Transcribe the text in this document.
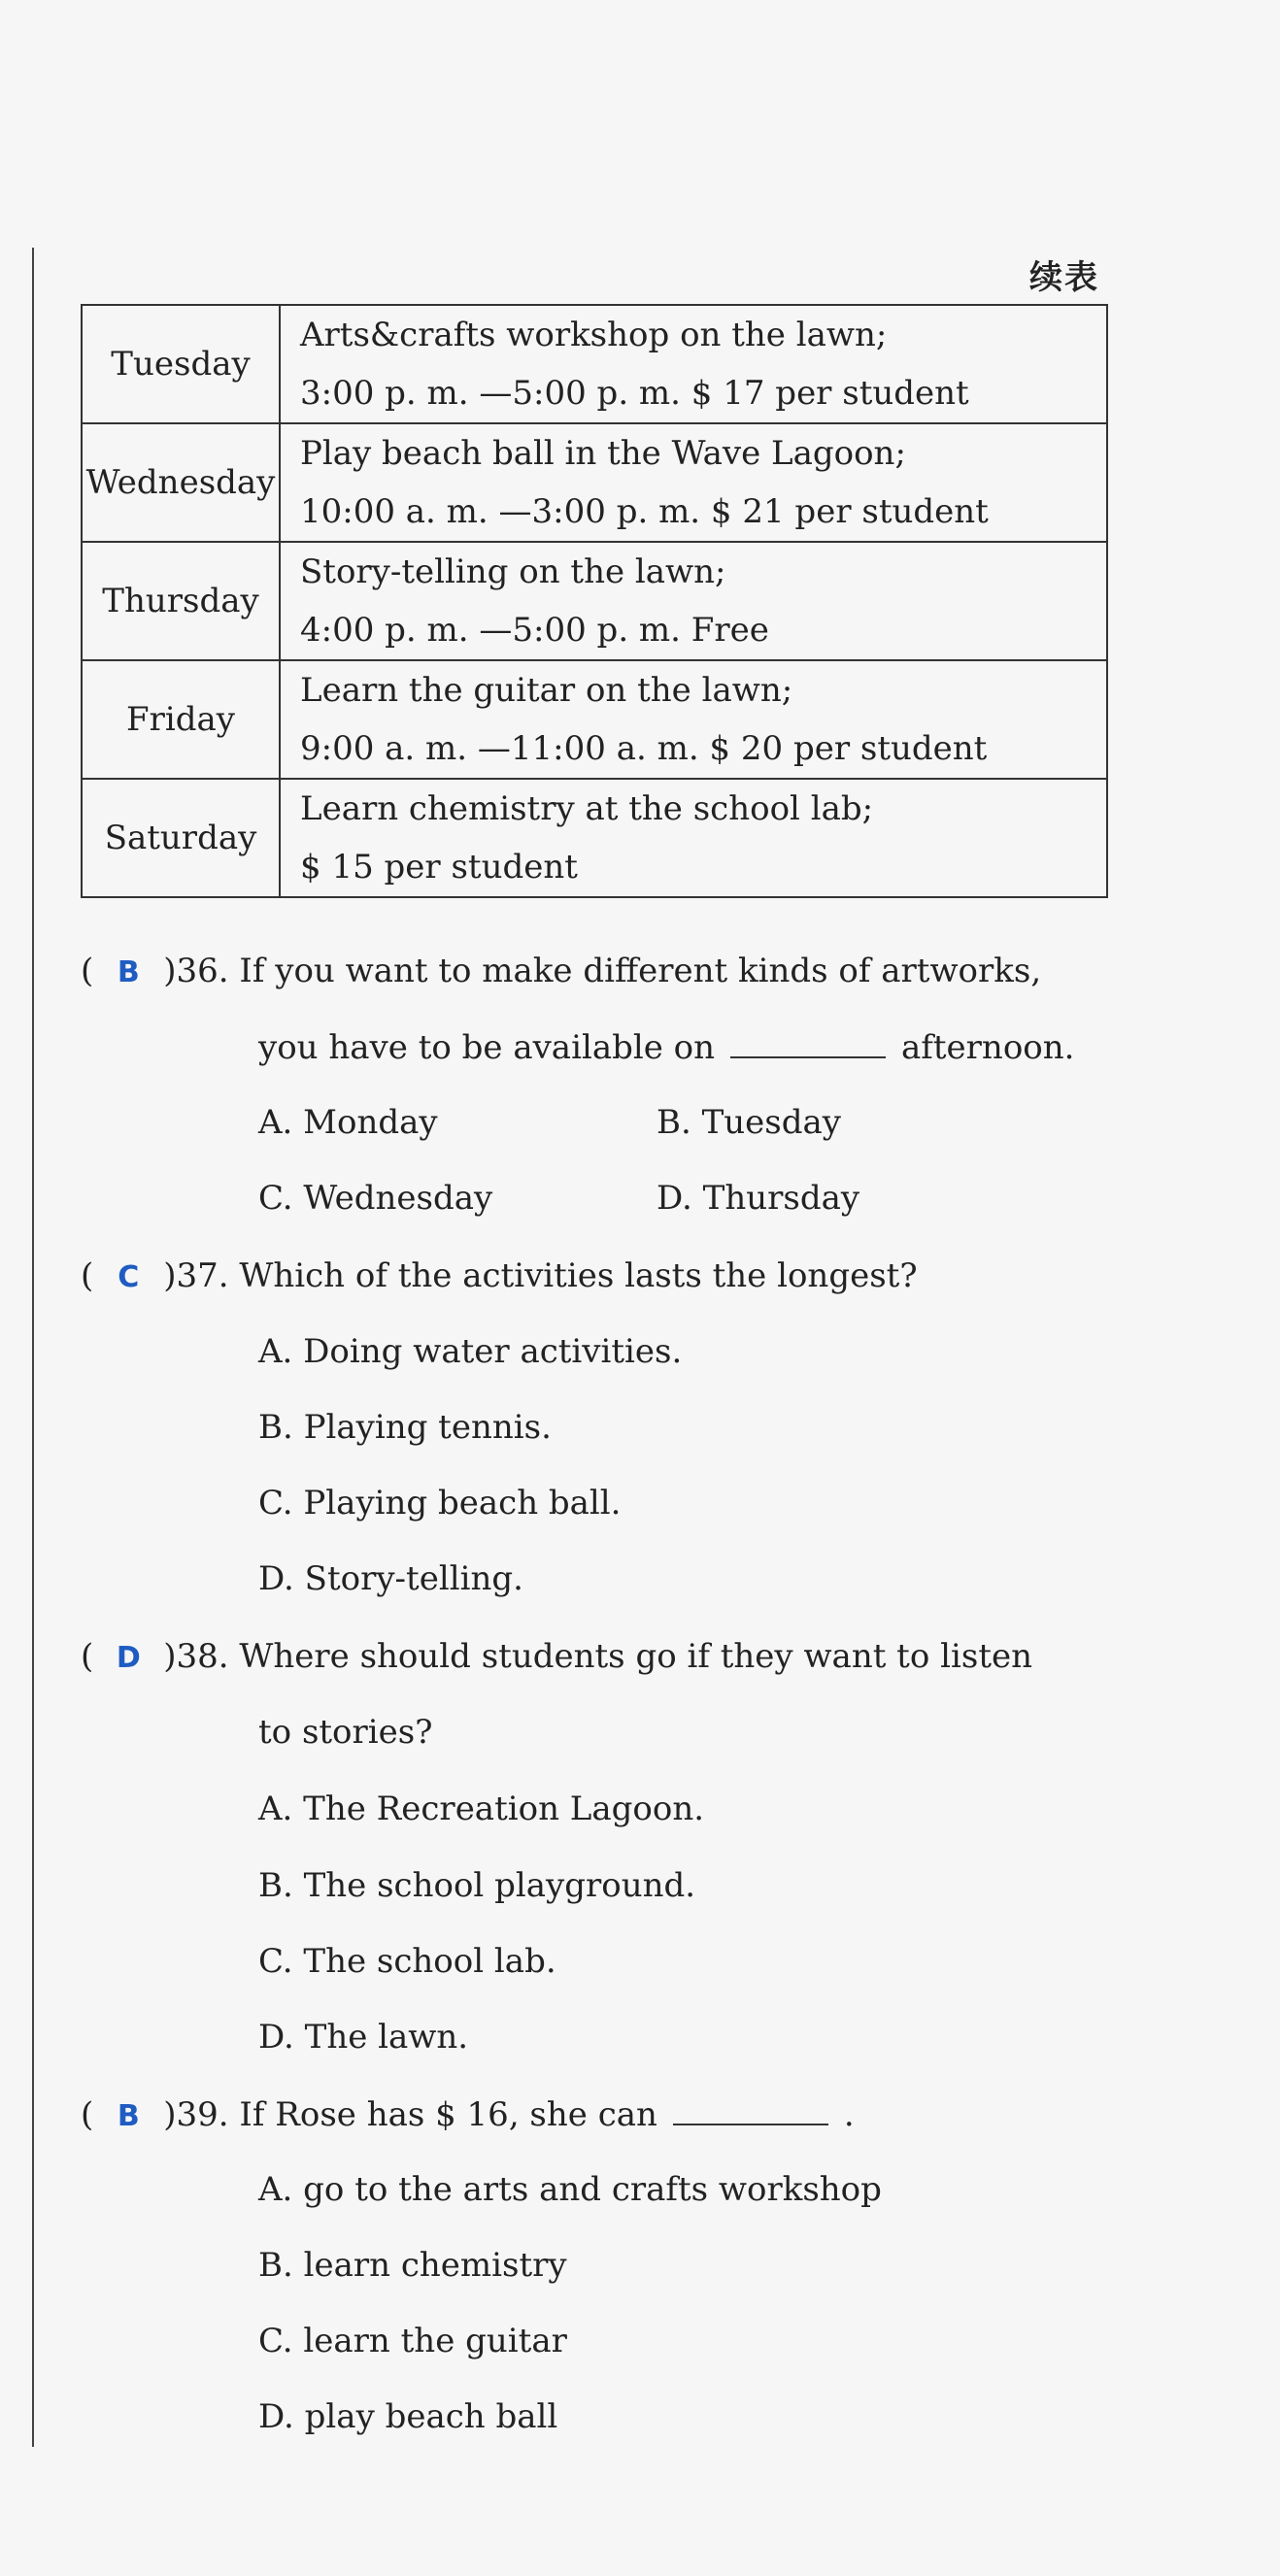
续表
Tuesday	Arts&crafts workshop on the lawn;
3:00 p. m. —5:00 p. m. $ 17 per student

Wednesday	Play beach ball in the Wave Lagoon;
10:00 a. m. —3:00 p. m. $ 21 per student

Thursday	Story-telling on the lawn;
4:00 p. m. —5:00 p. m. Free

Friday	Learn the guitar on the lawn;
9:00 a. m. —11:00 a. m. $ 20 per student

Saturday	Learn chemistry at the school lab;
$ 15 per student
( B )36. If you want to make different kinds of artworks,
you have to be available on	afternoon.
A. Monday	B. Tuesday
C. Wednesday	D. Thursday
( C )37. Which of the activities lasts the longest?
A. Doing water activities.
B. Playing tennis.
C. Playing beach ball.
D. Story-telling.
( D )38. Where should students go if they want to listen
to stories?
A. The Recreation Lagoon.
B. The school playground.
C. The school lab.
D. The lawn.
( B )39. If Rose has $ 16, she can	.
A. go to the arts and crafts workshop
B. learn chemistry
C. learn the guitar
D. play beach ball
